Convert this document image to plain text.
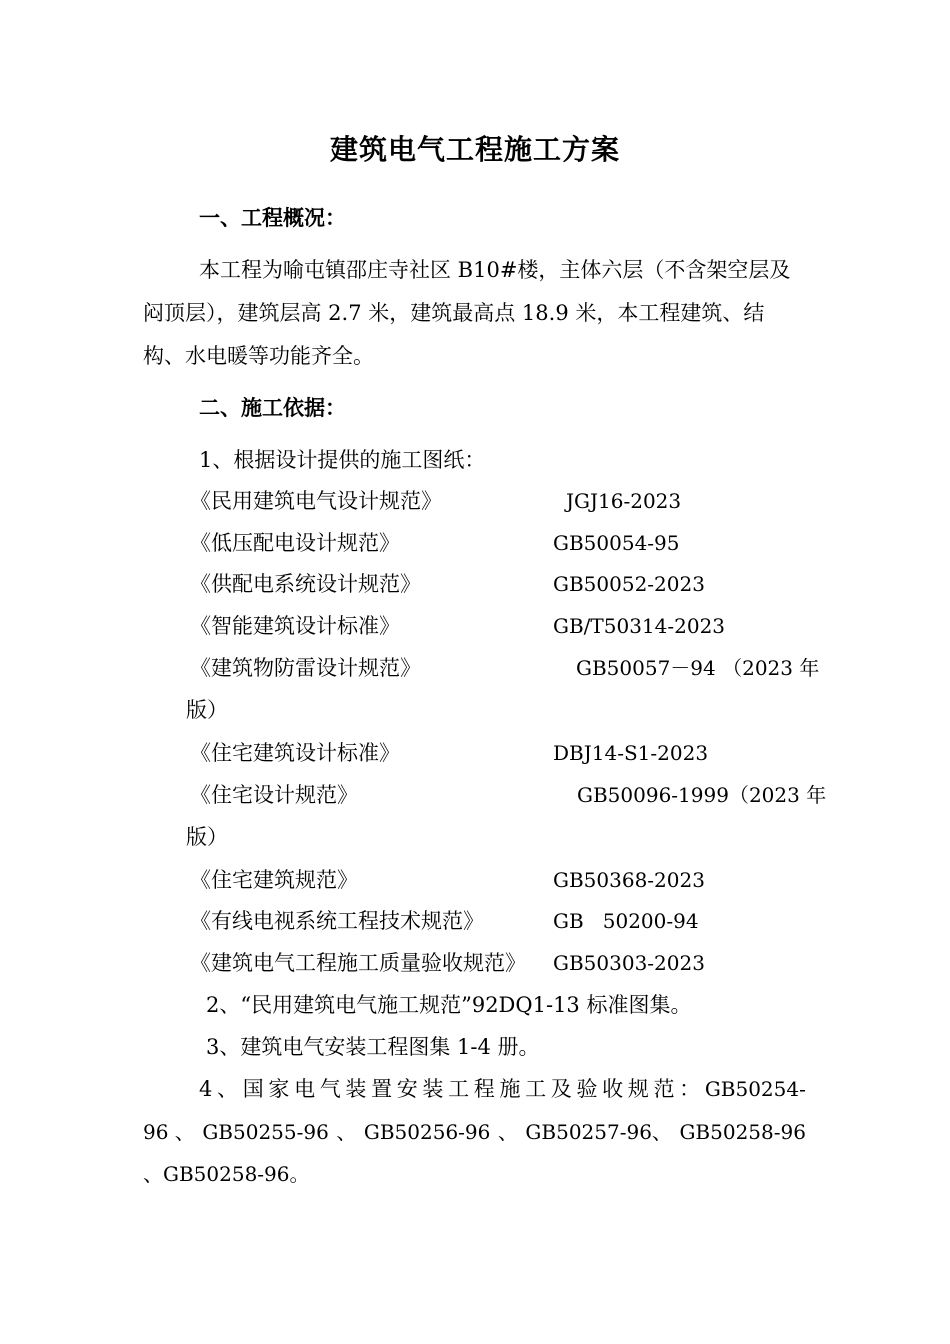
建筑电气工程施工方案
一、工程概况：
本工程为喻屯镇邵庄寺社区 B10#楼，主体六层（不含架空层及
闷顶层），建筑层高 2.7 米，建筑最高点 18.9 米，本工程建筑、结
构、水电暖等功能齐全。
二、施工依据：
1、根据设计提供的施工图纸：
《民用建筑电气设计规范》	JGJ16-2023
《低压配电设计规范》	GB50054-95
《供配电系统设计规范》	GB50052-2023
《智能建筑设计标准》	GB/T50314-2023
《建筑物防雷设计规范》	GB50057－94 （2023 年
版）
《住宅建筑设计标准》	DBJ14-S1-2023
《住宅设计规范》	GB50096-1999（2023 年
版）
《住宅建筑规范》	GB50368-2023
《有线电视系统工程技术规范》	GB   50200-94
《建筑电气工程施工质量验收规范》 GB50303-2023
2、“民用建筑电气施工规范”92DQ1-13 标准图集。
3、建筑电气安装工程图集 1-4 册。
4 、 国 家 电 气 装 置 安 装 工 程 施 工 及 验 收 规 范 ： GB50254-
96 、 GB50255-96 、 GB50256-96 、 GB50257-96、 GB50258-96
、GB50258-96。
